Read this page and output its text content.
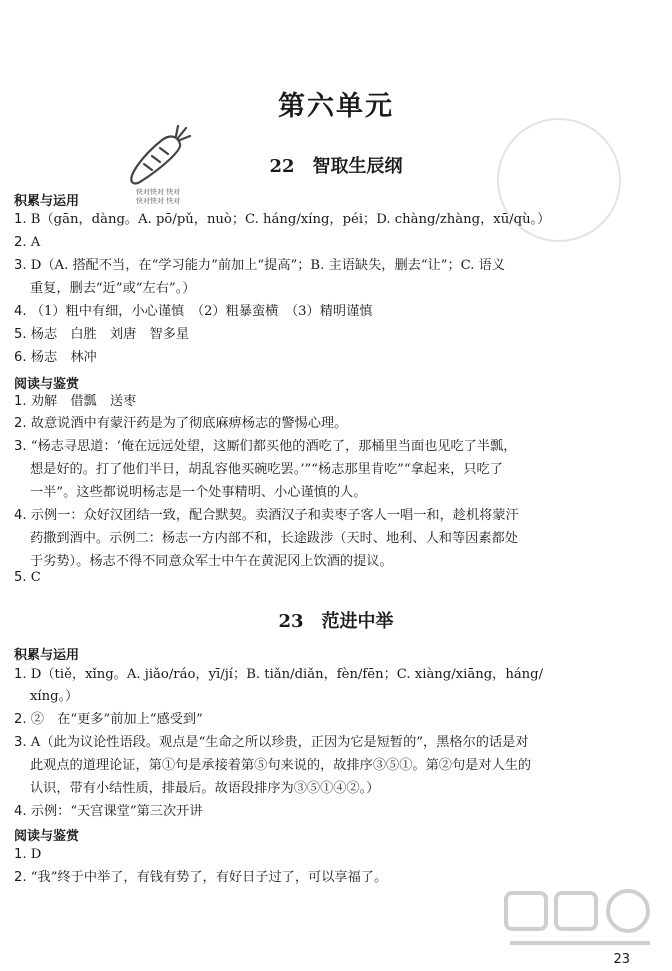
第六单元
快对快对 快对
快对快对 快对
22 智取生辰纲
积累与运用
1. B（gān，dàng。A. pō/pǔ，nuò；C. háng/xíng，péi；D. chàng/zhàng，xū/qù。）
2. A
3. D（A. 搭配不当，在“学习能力”前加上“提高”；B. 主语缺失，删去“让”；C. 语义
重复，删去“近”或“左右”。）
4. （1）粗中有细，小心谨慎　（2）粗暴蛮横　（3）精明谨慎
5. 杨志　白胜　刘唐　智多星
6. 杨志　林冲
阅读与鉴赏
1. 劝解　借瓢　送枣
2. 故意说酒中有蒙汗药是为了彻底麻痹杨志的警惕心理。
3. “杨志寻思道：‘俺在远远处望，这厮们都买他的酒吃了，那桶里当面也见吃了半瓢，
想是好的。打了他们半日，胡乱容他买碗吃罢。’”“杨志那里肯吃”“拿起来，只吃了
一半”。这些都说明杨志是一个处事精明、小心谨慎的人。
4. 示例一：众好汉团结一致，配合默契。卖酒汉子和卖枣子客人一唱一和，趁机将蒙汗
药撒到酒中。示例二：杨志一方内部不和，长途跋涉（天时、地利、人和等因素都处
于劣势）。杨志不得不同意众军士中午在黄泥冈上饮酒的提议。
5. C
23 范进中举
积累与运用
1. D（tiě，xǐng。A. jiǎo/ráo，yī/jí；B. tiǎn/diǎn，fèn/fēn；C. xiàng/xiāng，háng/
xíng。）
2. ②　在“更多”前加上“感受到”
3. A（此为议论性语段。观点是“生命之所以珍贵，正因为它是短暂的”，黑格尔的话是对
此观点的道理论证，第①句是承接着第⑤句来说的，故排序③⑤①。第②句是对人生的
认识，带有小结性质，排最后。故语段排序为③⑤①④②。）
4. 示例：“天宫课堂”第三次开讲
阅读与鉴赏
1. D
2. “我”终于中举了，有钱有势了，有好日子过了，可以享福了。
23
